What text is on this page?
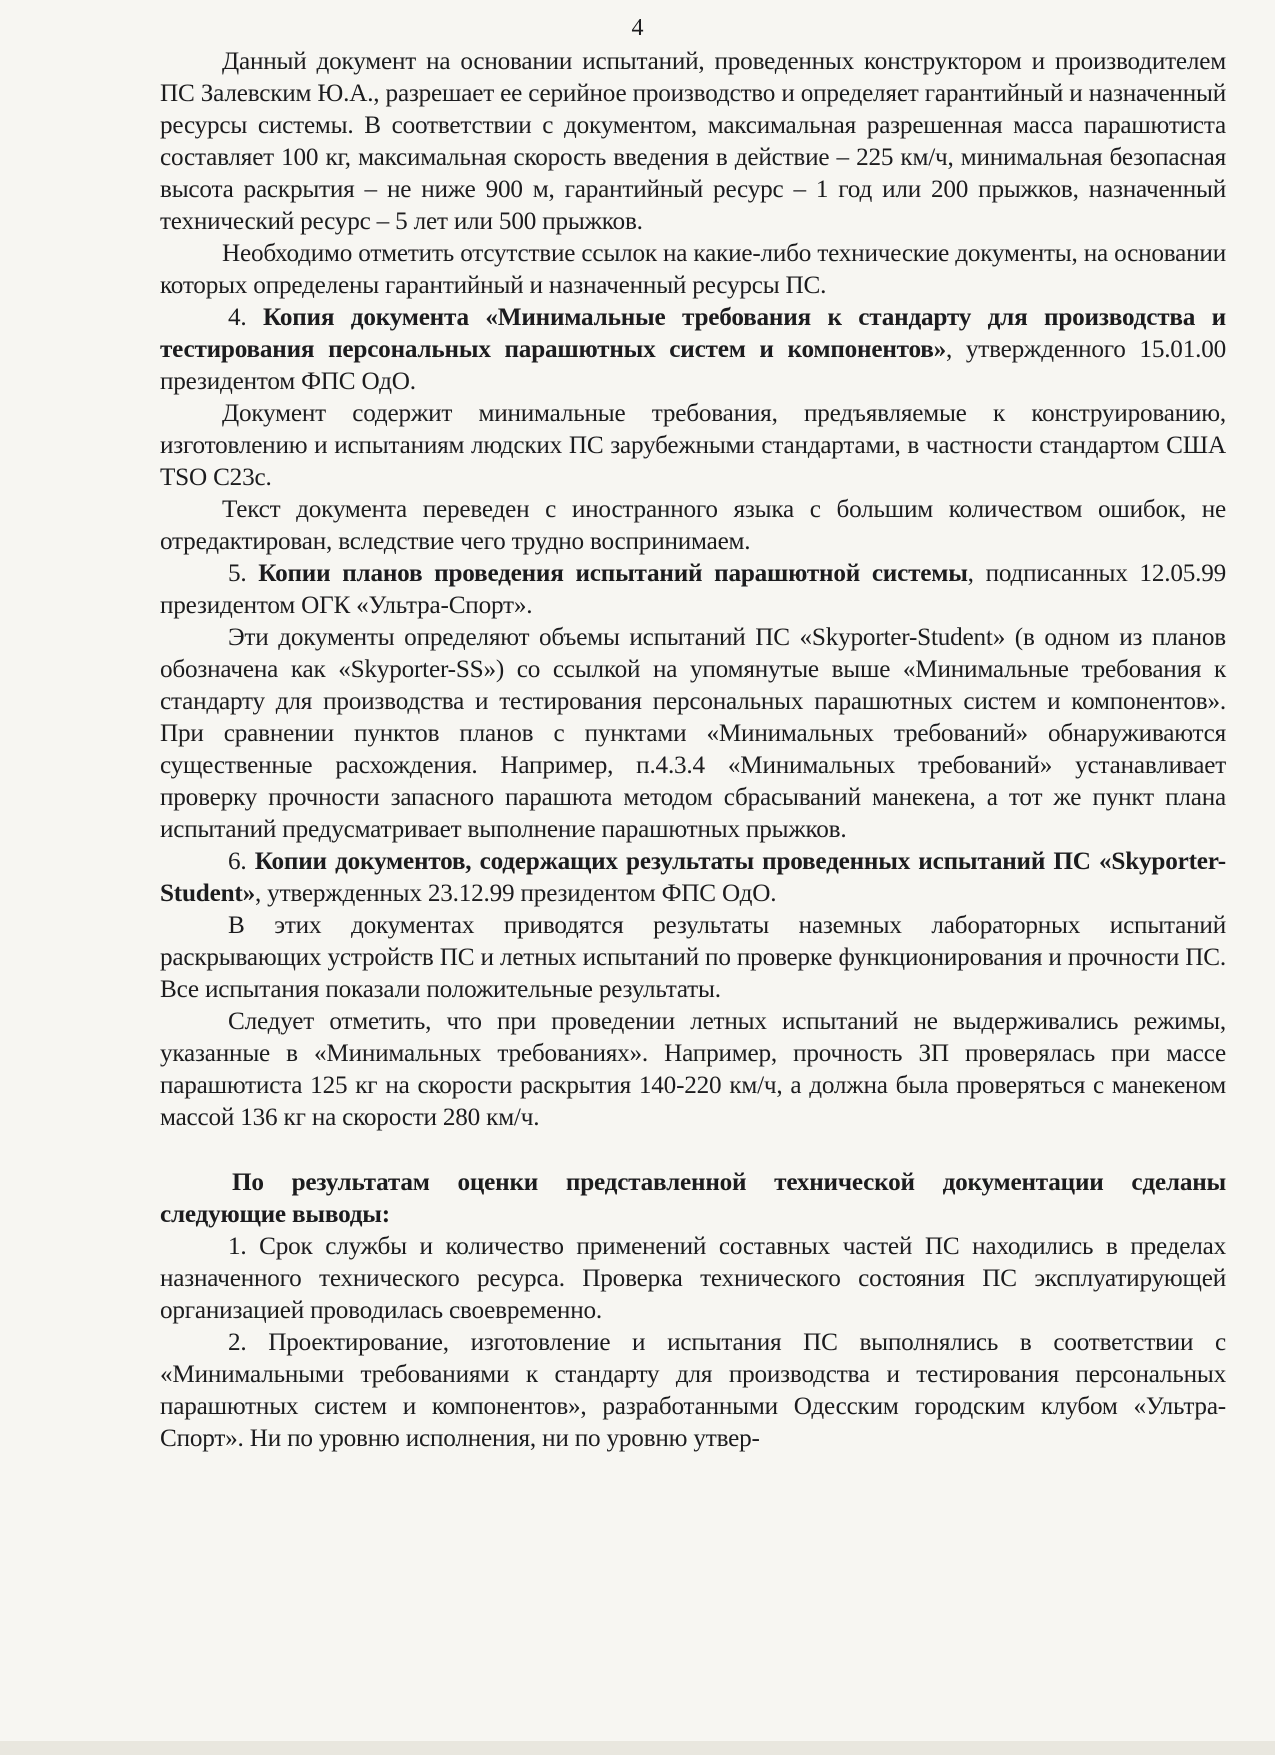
4

Данный документ на основании испытаний, проведенных конструктором и производителем ПС Залевским Ю.А., разрешает ее серийное производство и определяет гарантийный и назначенный ресурсы системы. В соответствии с документом, максимальная разрешенная масса парашютиста составляет 100 кг, максимальная скорость введения в действие – 225 км/ч, минимальная безопасная высота раскрытия – не ниже 900 м, гарантийный ресурс – 1 год или 200 прыжков, назначенный технический ресурс – 5 лет или 500 прыжков.

Необходимо отметить отсутствие ссылок на какие-либо технические документы, на основании которых определены гарантийный и назначенный ресурсы ПС.

4. Копия документа «Минимальные требования к стандарту для производства и тестирования персональных парашютных систем и компонентов», утвержденного 15.01.00 президентом ФПС ОдО.

Документ содержит минимальные требования, предъявляемые к конструированию, изготовлению и испытаниям людских ПС зарубежными стандартами, в частности стандартом США TSO C23c.

Текст документа переведен с иностранного языка с большим количеством ошибок, не отредактирован, вследствие чего трудно воспринимаем.

5. Копии планов проведения испытаний парашютной системы, подписанных 12.05.99 президентом ОГК «Ультра-Спорт».

Эти документы определяют объемы испытаний ПС «Skyporter-Student» (в одном из планов обозначена как «Skyporter-SS») со ссылкой на упомянутые выше «Минимальные требования к стандарту для производства и тестирования персональных парашютных систем и компонентов». При сравнении пунктов планов с пунктами «Минимальных требований» обнаруживаются существенные расхождения. Например, п.4.3.4 «Минимальных требований» устанавливает проверку прочности запасного парашюта методом сбрасываний манекена, а тот же пункт плана испытаний предусматривает выполнение парашютных прыжков.

6. Копии документов, содержащих результаты проведенных испытаний ПС «Skyporter-Student», утвержденных 23.12.99 президентом ФПС ОдО.

В этих документах приводятся результаты наземных лабораторных испытаний раскрывающих устройств ПС и летных испытаний по проверке функционирования и прочности ПС. Все испытания показали положительные результаты.

Следует отметить, что при проведении летных испытаний не выдерживались режимы, указанные в «Минимальных требованиях». Например, прочность ЗП проверялась при массе парашютиста 125 кг на скорости раскрытия 140-220 км/ч, а должна была проверяться с манекеном массой 136 кг на скорости 280 км/ч.

По результатам оценки представленной технической документации сделаны следующие выводы:

1. Срок службы и количество применений составных частей ПС находились в пределах назначенного технического ресурса. Проверка технического состояния ПС эксплуатирующей организацией проводилась своевременно.

2. Проектирование, изготовление и испытания ПС выполнялись в соответствии с «Минимальными требованиями к стандарту для производства и тестирования персональных парашютных систем и компонентов», разработанными Одесским городским клубом «Ультра-Спорт». Ни по уровню исполнения, ни по уровню утвер-
